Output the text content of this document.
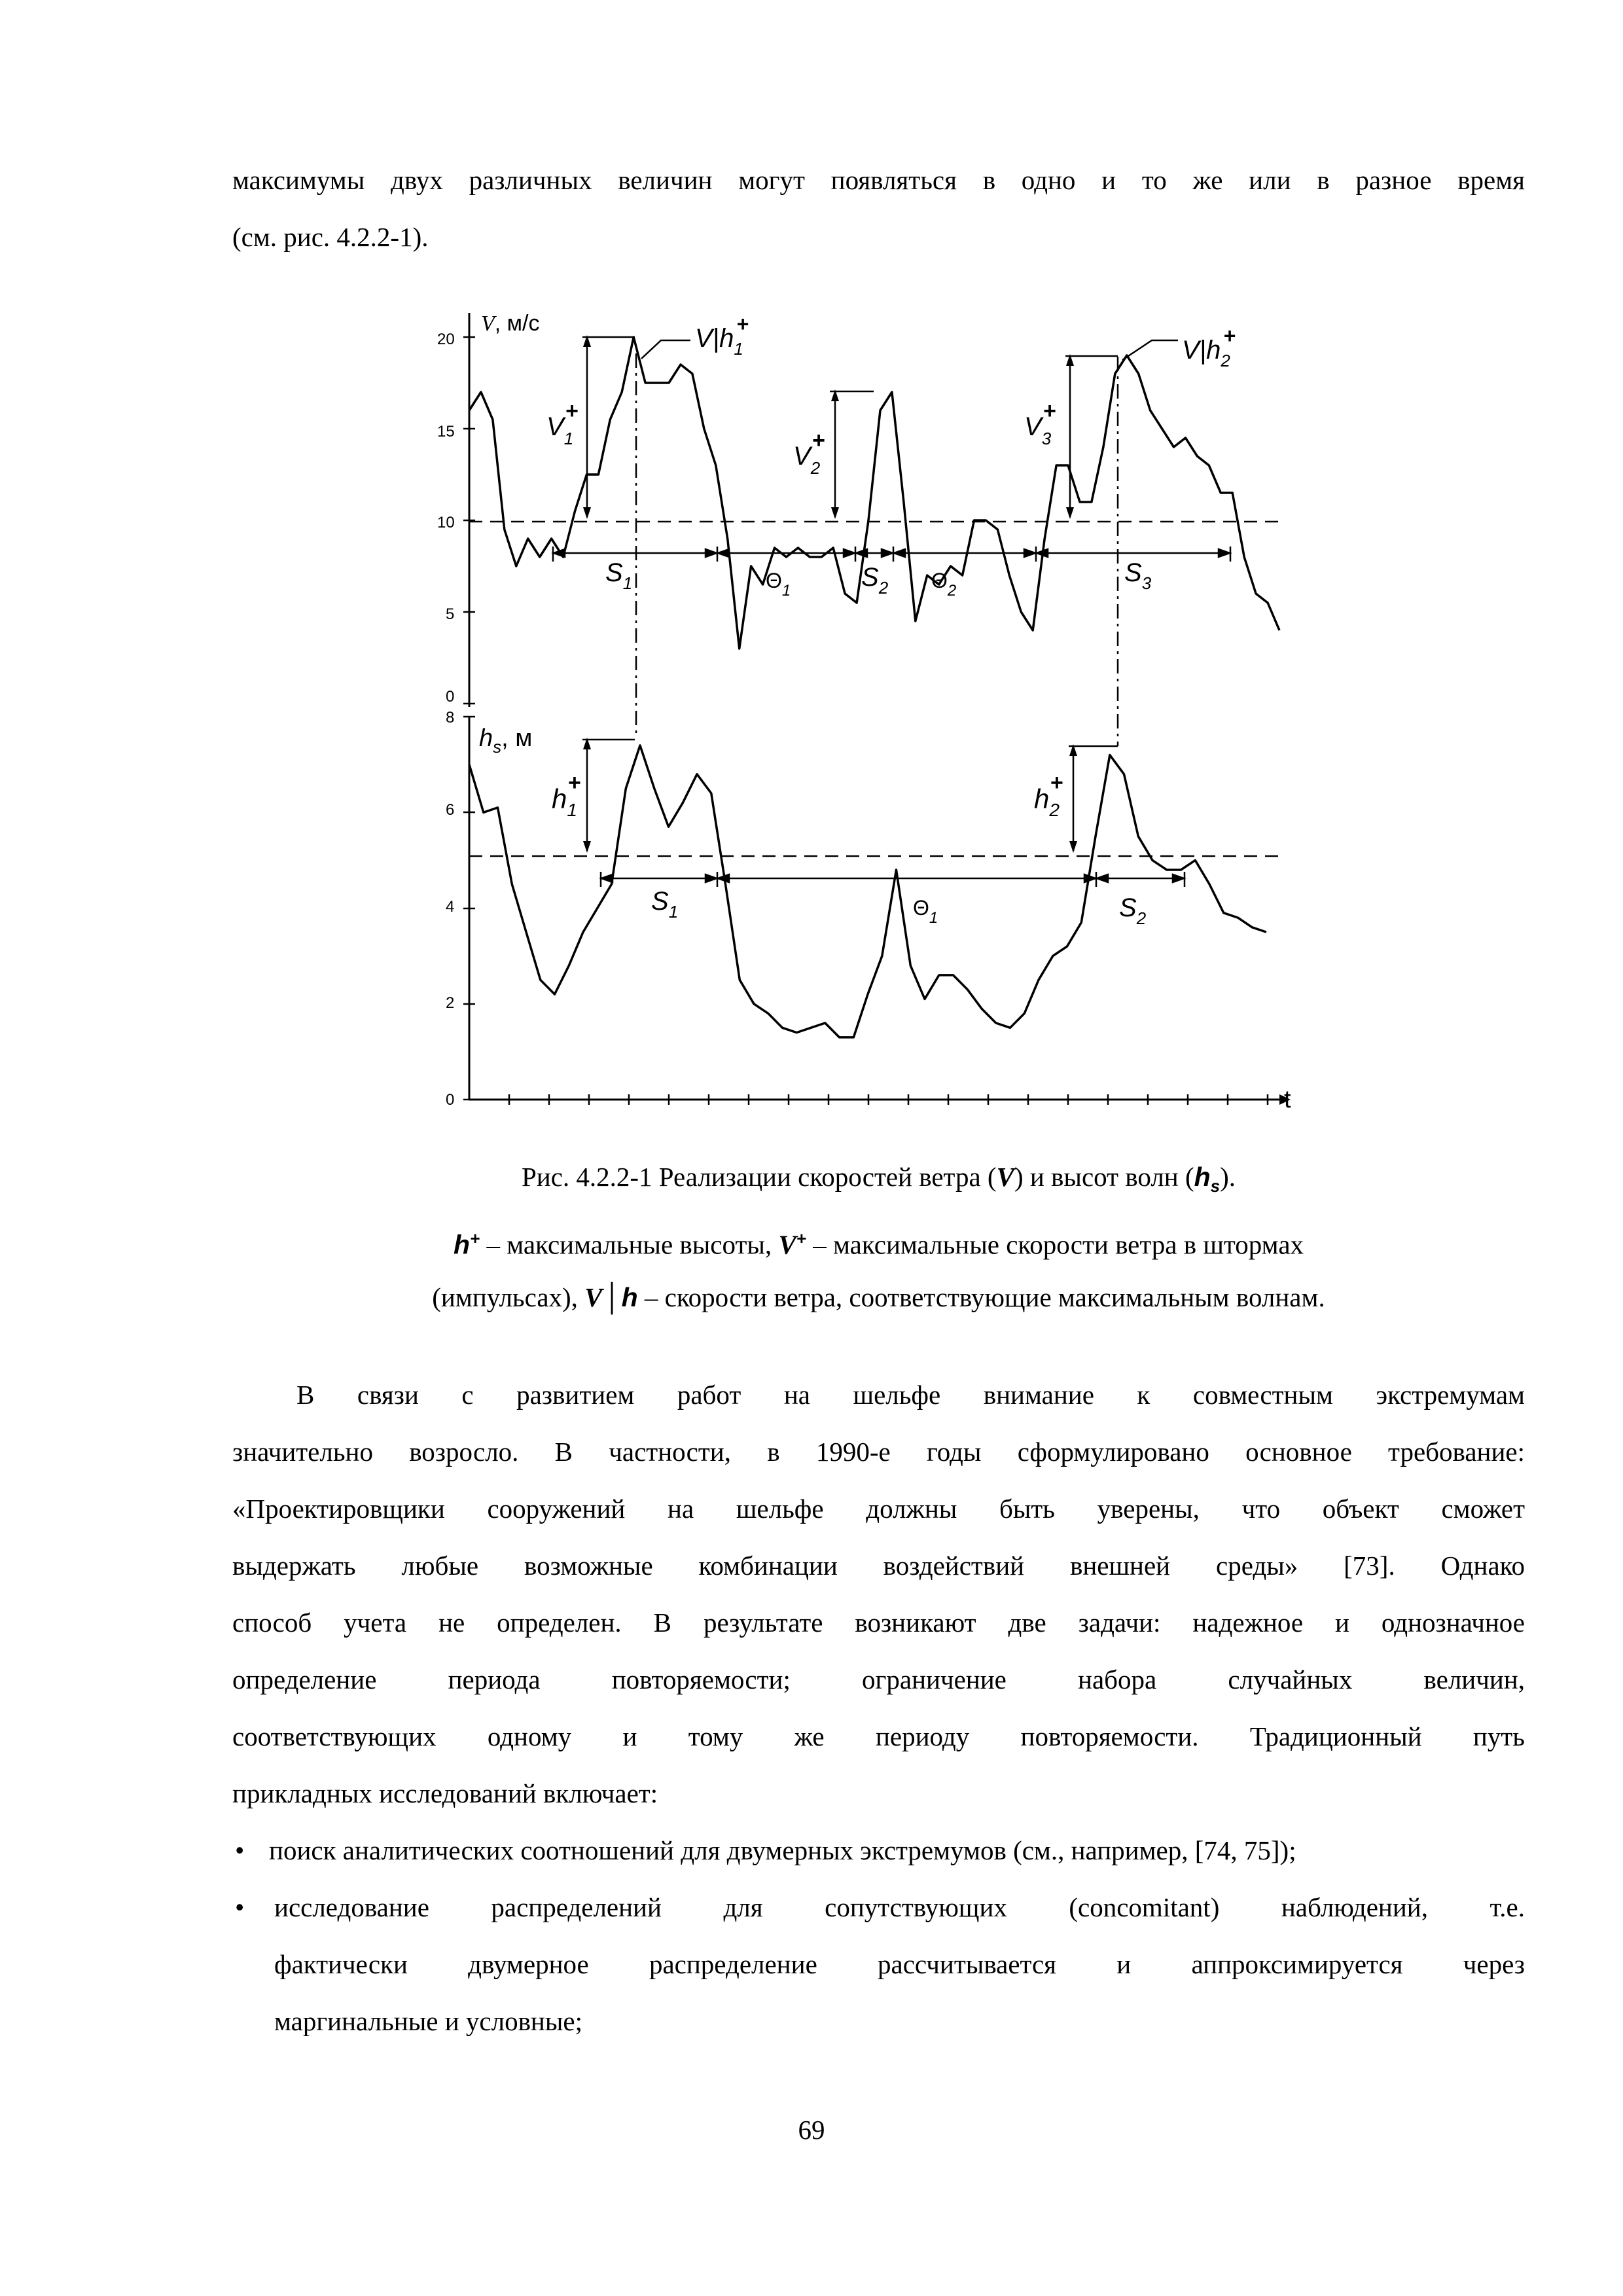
максимумы двух различных величин могут появляться в одно и то же или в разное время
(см. рис. 4.2.2-1).
20
15
10
5
0
8
6
4
2
0
V, м/с
$h_s$, м
t
$V_1+$
$V_2+$	$V_3+$
$V|h_1+$
$V|h_2+$
$S_1$	$\Theta_1$	$S_2$ $\Theta_2$
$S_3$
$h_1+$
$h_2+$
$S_1$	$\Theta_1$	$S_2$
Рис. 4.2.2-1 Реализации скоростей ветра (V) и высот волн $(h_s)$.
h+ – максимальные высоты, V+ – максимальные скорости ветра в штормах
(импульсах), V│h – скорости ветра, соответствующие максимальным волнам.
В связи с развитием работ на шельфе внимание к совместным экстремумам
значительно возросло. В частности, в 1990-е годы сформулировано основное требование:
«Проектировщики сооружений на шельфе должны быть уверены, что объект сможет
выдержать любые возможные комбинации воздействий внешней среды» [73]. Однако
способ учета не определен. В результате возникают две задачи: надежное и однозначное
определение периода повторяемости; ограничение набора случайных величин,
соответствующих одному и тому же периоду повторяемости. Традиционный путь
прикладных исследований включает:
• поиск аналитических соотношений для двумерных экстремумов (см., например, [74, 75]);
• исследование распределений для сопутствующих (concomitant) наблюдений, т.е.
фактически двумерное распределение рассчитывается и аппроксимируется через
маргинальные и условные;
69
